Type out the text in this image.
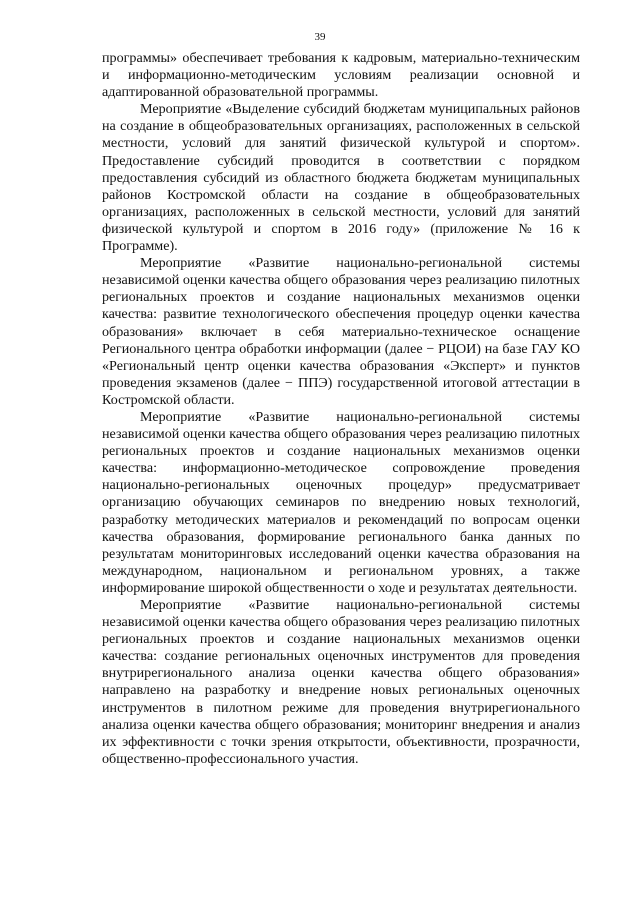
39

программы» обеспечивает требования к кадровым, материально-техническим и информационно-методическим условиям реализации основной и адаптированной образовательной программы.

Мероприятие «Выделение субсидий бюджетам муниципальных районов на создание в общеобразовательных организациях, расположенных в сельской местности, условий для занятий физической культурой и спортом». Предоставление субсидий проводится в соответствии с порядком предоставления субсидий из областного бюджета бюджетам муниципальных районов Костромской области на создание в общеобразовательных организациях, расположенных в сельской местности, условий для занятий физической культурой и спортом в 2016 году» (приложение № 16 к Программе).

Мероприятие «Развитие национально-региональной системы независимой оценки качества общего образования через реализацию пилотных региональных проектов и создание национальных механизмов оценки качества: развитие технологического обеспечения процедур оценки качества образования» включает в себя материально-техническое оснащение Регионального центра обработки информации (далее − РЦОИ) на базе ГАУ КО «Региональный центр оценки качества образования «Эксперт» и пунктов проведения экзаменов (далее − ППЭ) государственной итоговой аттестации в Костромской области.

Мероприятие «Развитие национально-региональной системы независимой оценки качества общего образования через реализацию пилотных региональных проектов и создание национальных механизмов оценки качества: информационно-методическое сопровождение проведения национально-региональных оценочных процедур» предусматривает организацию обучающих семинаров по внедрению новых технологий, разработку методических материалов и рекомендаций по вопросам оценки качества образования, формирование регионального банка данных по результатам мониторинговых исследований оценки качества образования на международном, национальном и региональном уровнях, а также информирование широкой общественности о ходе и результатах деятельности.

Мероприятие «Развитие национально-региональной системы независимой оценки качества общего образования через реализацию пилотных региональных проектов и создание национальных механизмов оценки качества: создание региональных оценочных инструментов для проведения внутрирегионального анализа оценки качества общего образования» направлено на разработку и внедрение новых региональных оценочных инструментов в пилотном режиме для проведения внутрирегионального анализа оценки качества общего образования; мониторинг внедрения и анализ их эффективности с точки зрения открытости, объективности, прозрачности, общественно-профессионального участия.
